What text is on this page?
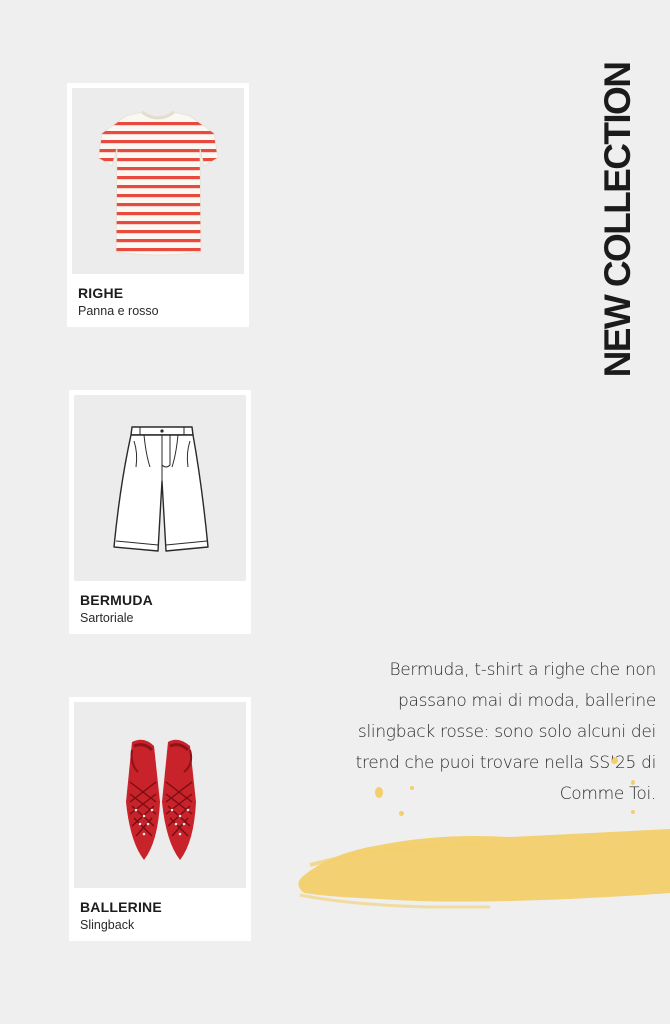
NEW COLLECTION
RIGHE
Panna e rosso
BERMUDA
Sartoriale
BALLERINE
Slingback
Bermuda, t-shirt a righe che non passano mai di moda, ballerine slingback rosse: sono solo alcuni dei trend che puoi trovare nella SS’25 di Comme Toi.
